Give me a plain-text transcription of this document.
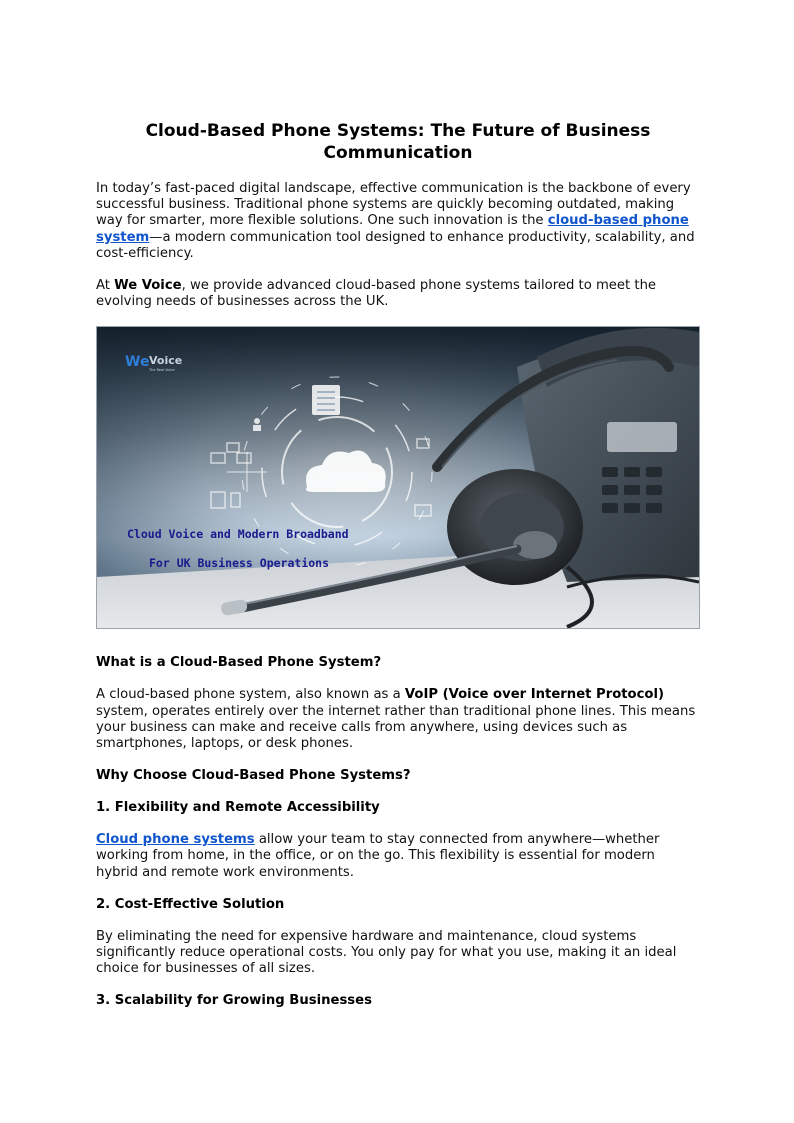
Cloud-Based Phone Systems: The Future of Business Communication

In today’s fast-paced digital landscape, effective communication is the backbone of every successful business. Traditional phone systems are quickly becoming outdated, making way for smarter, more flexible solutions. One such innovation is the cloud-based phone system—a modern communication tool designed to enhance productivity, scalability, and cost-efficiency.

At We Voice, we provide advanced cloud-based phone systems tailored to meet the evolving needs of businesses across the UK.

We Voice
The Real Voice
Cloud Voice and Modern Broadband
For UK Business Operations
What is a Cloud-Based Phone System?

A cloud-based phone system, also known as a VoIP (Voice over Internet Protocol) system, operates entirely over the internet rather than traditional phone lines. This means your business can make and receive calls from anywhere, using devices such as smartphones, laptops, or desk phones.

Why Choose Cloud-Based Phone Systems?
1. Flexibility and Remote Accessibility

Cloud phone systems allow your team to stay connected from anywhere—whether working from home, in the office, or on the go. This flexibility is essential for modern hybrid and remote work environments.

2. Cost-Effective Solution

By eliminating the need for expensive hardware and maintenance, cloud systems significantly reduce operational costs. You only pay for what you use, making it an ideal choice for businesses of all sizes.

3. Scalability for Growing Businesses
